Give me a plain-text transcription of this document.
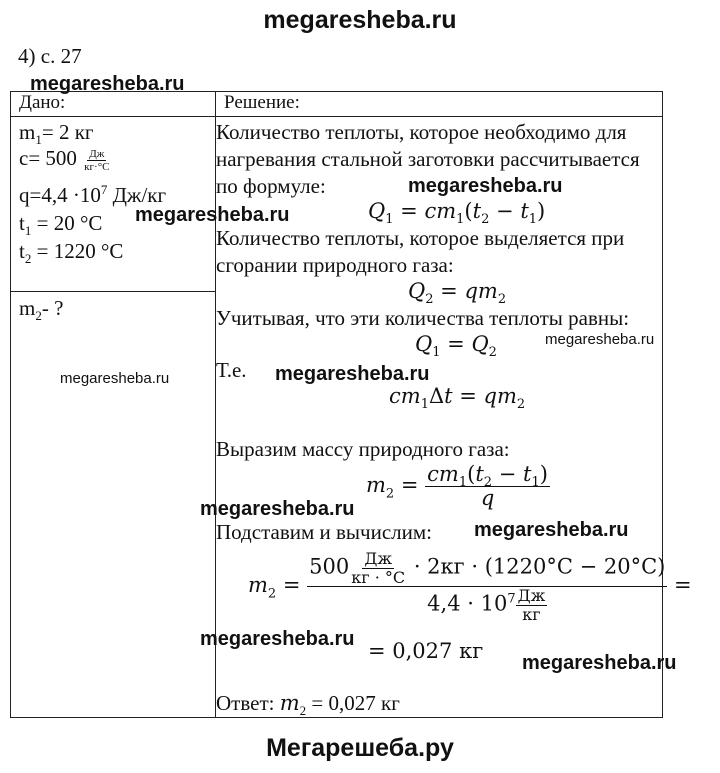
megaresheba.ru
4) с. 27
Дано:	Решение:

$m_1= 2$ кг
$c= 500 \frac{Дж}{кг\cdot^\circ С}$
$q=4,4 \cdot 10^7$ Дж/кг
$t_1 = 20$ °С
$t_2 = 1220$ °С
$m_2-$ ?
Количество теплоты, которое необходимо для
нагревания стальной заготовки рассчитывается
по формуле:
$Q_1 = cm_1(t_2 - t_1)$
Количество теплоты, которое выделяется при
сгорании природного газа:
$Q_2 = qm_2$
Учитывая, что эти количества теплоты равны:
$Q_1 = Q_2$
Т.е.
$cm_1\Delta t = qm_2$
Выразим массу природного газа:
$m_2 = \frac{cm_1(t_2 - t_1)}{q}$
Подставим и вычислим:
$m_2 = \frac{500 \frac{Дж}{кг \cdot ^\circ С} \cdot 2кг \cdot (1220^\circ С - 20^\circ С)}{4,4 \cdot 10^7 \frac{Дж}{кг}}$ =
= 0,027 кг
Ответ: $m_2 = 0,027$ кг
megaresheba.ru
megaresheba.ru
megaresheba.ru
megaresheba.ru
megaresheba.ru	megaresheba.ru
megaresheba.ru
megaresheba.ru
megaresheba.ru
megaresheba.ru
Мегарешеба.ру
